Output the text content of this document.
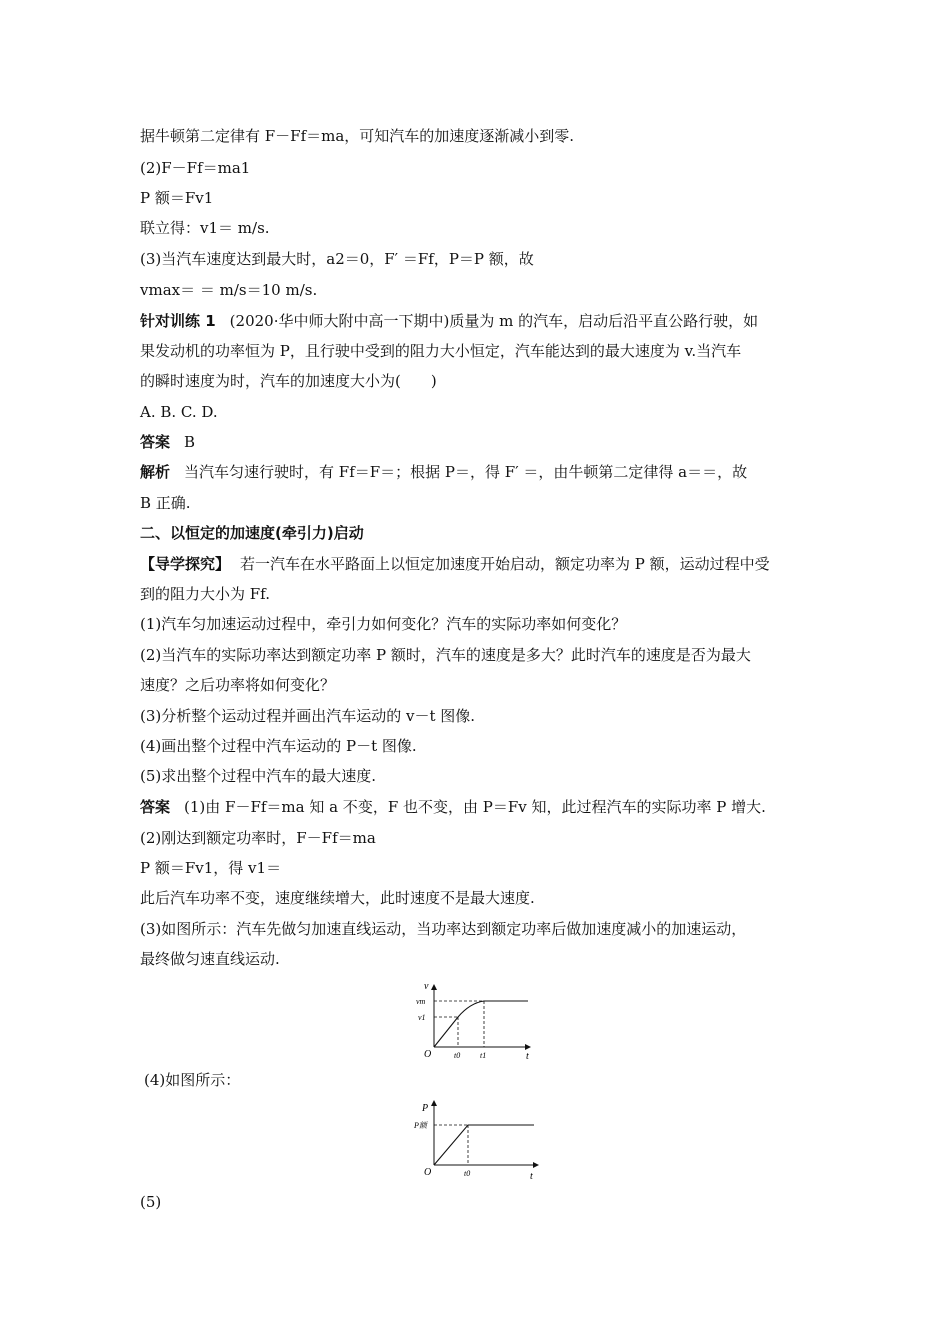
据牛顿第二定律有 F－Ff＝ma，可知汽车的加速度逐渐减小到零.
(2)F－Ff＝ma1
P 额＝Fv1
联立得：v1＝ m/s.
(3)当汽车速度达到最大时，a2＝0，F′ ＝Ff，P＝P 额，故
vmax＝ ＝ m/s＝10 m/s.
针对训练 1 (2020·华中师大附中高一下期中)质量为 m 的汽车，启动后沿平直公路行驶，如
果发动机的功率恒为 P，且行驶中受到的阻力大小恒定，汽车能达到的最大速度为 v.当汽车
的瞬时速度为时，汽车的加速度大小为(　　)
A. B. C. D.
答案 B
解析 当汽车匀速行驶时，有 Ff＝F＝；根据 P＝，得 F′ ＝，由牛顿第二定律得 a＝＝，故
B 正确.
二、以恒定的加速度(牵引力)启动
【导学探究】 若一汽车在水平路面上以恒定加速度开始启动，额定功率为 P 额，运动过程中受
到的阻力大小为 Ff.
(1)汽车匀加速运动过程中，牵引力如何变化？汽车的实际功率如何变化？
(2)当汽车的实际功率达到额定功率 P 额时，汽车的速度是多大？此时汽车的速度是否为最大
速度？之后功率将如何变化？
(3)分析整个运动过程并画出汽车运动的 v－t 图像.
(4)画出整个过程中汽车运动的 P－t 图像.
(5)求出整个过程中汽车的最大速度.
答案 (1)由 F－Ff＝ma 知 a 不变，F 也不变，由 P＝Fv 知，此过程汽车的实际功率 P 增大.
(2)刚达到额定功率时，F－Ff＝ma
P 额＝Fv1，得 v1＝
此后汽车功率不变，速度继续增大，此时速度不是最大速度.
(3)如图所示：汽车先做匀加速直线运动，当功率达到额定功率后做加速度减小的加速运动，
最终做匀速直线运动.
v
t
O
vm
v1
t0 t1
(4)如图所示：
P
t
O
P额
t0
(5)
